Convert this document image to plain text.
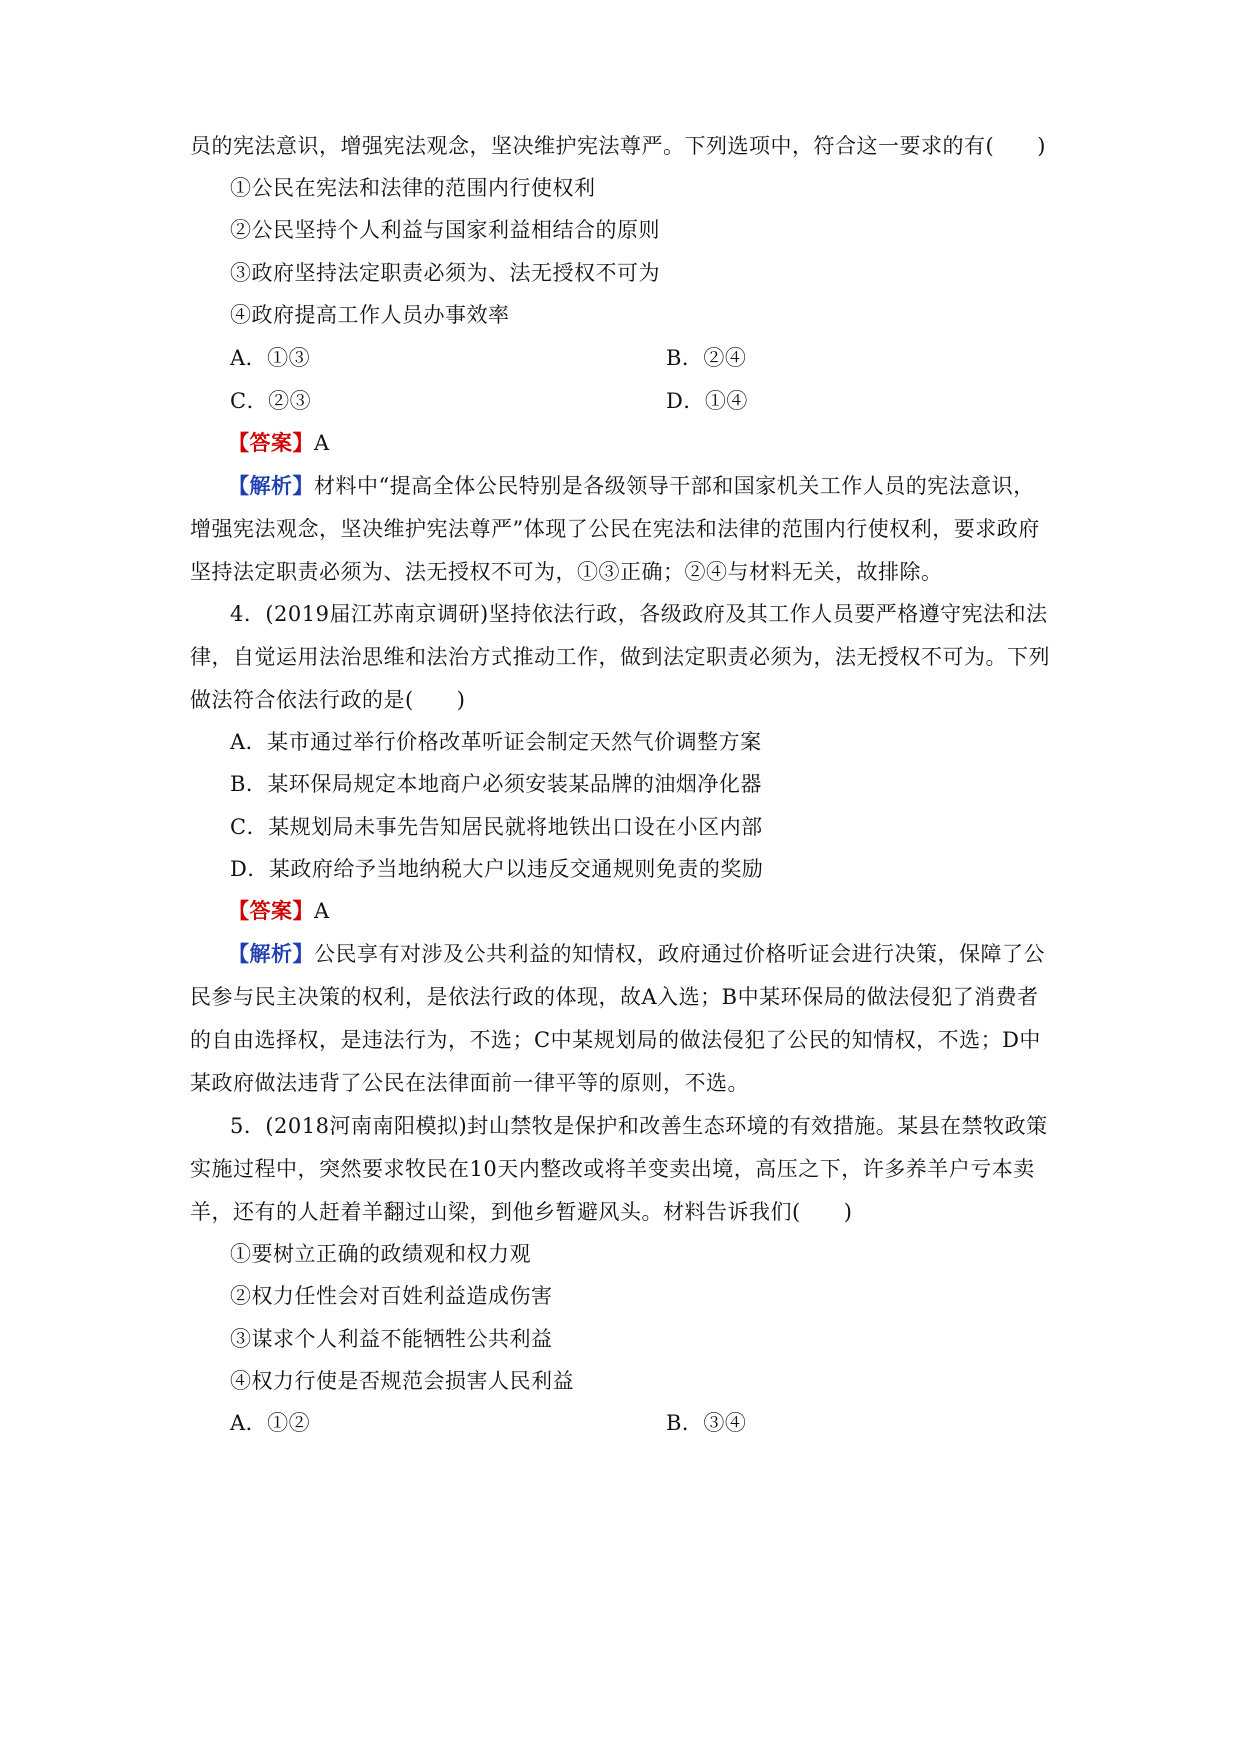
员的宪法意识，增强宪法观念，坚决维护宪法尊严。下列选项中，符合这一要求的有(　　)
①公民在宪法和法律的范围内行使权利
②公民坚持个人利益与国家利益相结合的原则
③政府坚持法定职责必须为、法无授权不可为
④政府提高工作人员办事效率
A．①③	B．②④
C．②③	D．①④
【答案】A
【解析】材料中“提高全体公民特别是各级领导干部和国家机关工作人员的宪法意识，
增强宪法观念，坚决维护宪法尊严”体现了公民在宪法和法律的范围内行使权利，要求政府
坚持法定职责必须为、法无授权不可为，①③正确；②④与材料无关，故排除。
4．(2019届江苏南京调研)坚持依法行政，各级政府及其工作人员要严格遵守宪法和法
律，自觉运用法治思维和法治方式推动工作，做到法定职责必须为，法无授权不可为。下列
做法符合依法行政的是(　　)
A．某市通过举行价格改革听证会制定天然气价调整方案
B．某环保局规定本地商户必须安装某品牌的油烟净化器
C．某规划局未事先告知居民就将地铁出口设在小区内部
D．某政府给予当地纳税大户以违反交通规则免责的奖励
【答案】A
【解析】公民享有对涉及公共利益的知情权，政府通过价格听证会进行决策，保障了公
民参与民主决策的权利，是依法行政的体现，故A入选；B中某环保局的做法侵犯了消费者
的自由选择权，是违法行为，不选；C中某规划局的做法侵犯了公民的知情权，不选；D中
某政府做法违背了公民在法律面前一律平等的原则，不选。
5．(2018河南南阳模拟)封山禁牧是保护和改善生态环境的有效措施。某县在禁牧政策
实施过程中，突然要求牧民在10天内整改或将羊变卖出境，高压之下，许多养羊户亏本卖
羊，还有的人赶着羊翻过山梁，到他乡暂避风头。材料告诉我们(　　)
①要树立正确的政绩观和权力观
②权力任性会对百姓利益造成伤害
③谋求个人利益不能牺牲公共利益
④权力行使是否规范会损害人民利益
A．①②	B．③④
